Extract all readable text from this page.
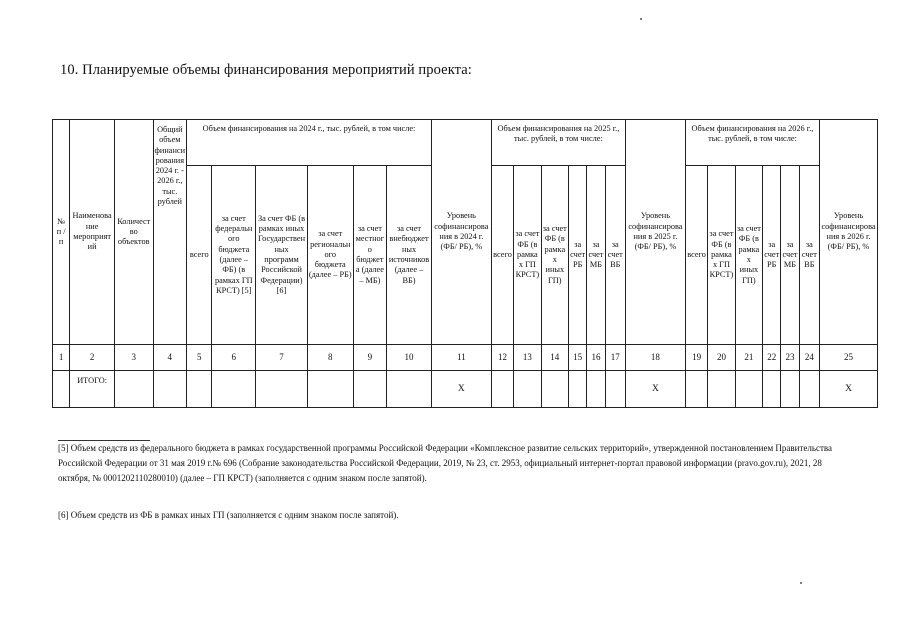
10. Планируемые объемы финансирования мероприятий проекта:
№ п / п	Наименование мероприятий	Количество объектов	Общий объем финансирования 2024 г. - 2026 г., тыс. рублей	Объем финансирования на 2024 г., тыс. рублей, в том числе:						Уровень софинансирования в 2024 г. (ФБ/ РБ), %	Объем финансирования на 2025 г., тыс. рублей, в том числе:						Уровень софинансирования в 2025 г. (ФБ/ РБ), %	Объем финансирования на 2026 г., тыс. рублей, в том числе:						Уровень софинансирования в 2026 г. (ФБ/ РБ), %
				всего	за счет федерального бюджета (далее – ФБ) (в рамках ГП КРСТ) [5]	За счет ФБ (в рамках иных Государственных программ Российской Федерации) [6]	за счет регионального бюджета (далее – РБ)	за счет местного бюджета (далее – МБ)	за счет внебюджетных источников (далее – ВБ)		всего	за счет ФБ (в рамках ГП КРСТ)	за счет ФБ (в рамках иных ГП)	за счет РБ	за счет МБ	за счет ВБ		всего	за счет ФБ (в рамках ГП КРСТ)	за счет ФБ (в рамках иных ГП)	за счет РБ	за счет МБ	за счет ВБ	
1	2	3	4	5	6	7	8	9	10	11	12	13	14	15	16	17	18	19	20	21	22	23	24	25
	ИТОГО:									X							X							X
[5] Объем средств из федерального бюджета в рамках государственной программы Российской Федерации «Комплексное развитие сельских территорий», утвержденной постановлением Правительства Российской Федерации от 31 мая 2019 г.№ 696 (Собрание законодательства Российской Федерации, 2019, № 23, ст. 2953, официальный интернет-портал правовой информации (pravo.gov.ru), 2021, 28 октября, № 0001202110280010) (далее – ГП КРСТ) (заполняется с одним знаком после запятой).
[6] Объем средств из ФБ в рамках иных ГП (заполняется с одним знаком после запятой).
